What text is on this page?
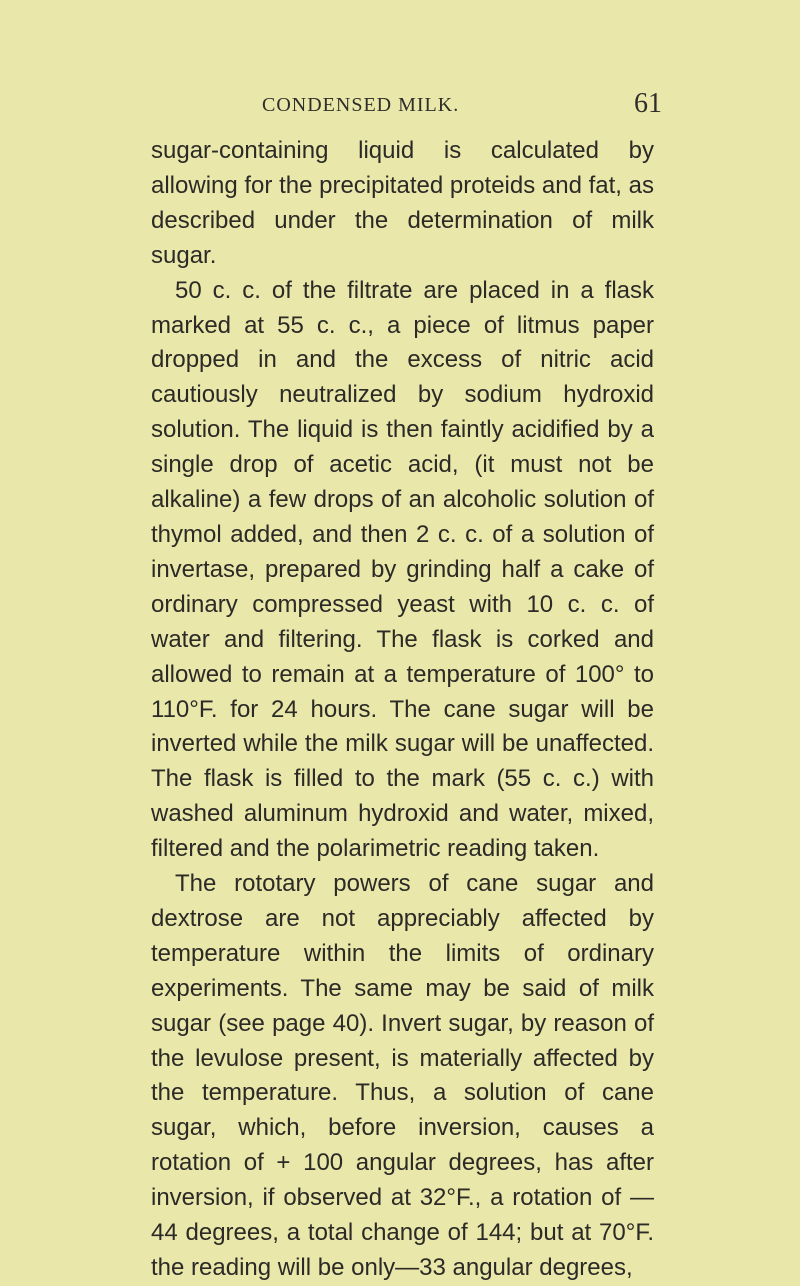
CONDENSED MILK.	61

sugar-containing liquid is calculated by allowing for the precipitated proteids and fat, as described under the determination of milk sugar.

50 c. c. of the filtrate are placed in a flask marked at 55 c. c., a piece of litmus paper dropped in and the excess of nitric acid cautiously neutralized by sodium hydroxid solution. The liquid is then faintly acidified by a single drop of acetic acid, (it must not be alkaline) a few drops of an alcoholic solution of thymol added, and then 2 c. c. of a solution of invertase, prepared by grinding half a cake of ordinary compressed yeast with 10 c. c. of water and filtering. The flask is corked and allowed to remain at a temperature of 100° to 110°F. for 24 hours. The cane sugar will be inverted while the milk sugar will be unaffected. The flask is filled to the mark (55 c. c.) with washed aluminum hydroxid and water, mixed, filtered and the polarimetric reading taken.

The rototary powers of cane sugar and dextrose are not appreciably affected by temperature within the limits of ordinary experiments. The same may be said of milk sugar (see page 40). Invert sugar, by reason of the levulose present, is materially affected by the temperature. Thus, a solution of cane sugar, which, before inversion, causes a rotation of + 100 angular degrees, has after inversion, if observed at 32°F., a rotation of —44 degrees, a total change of 144; but at 70°F. the reading will be only—33 angular degrees,
